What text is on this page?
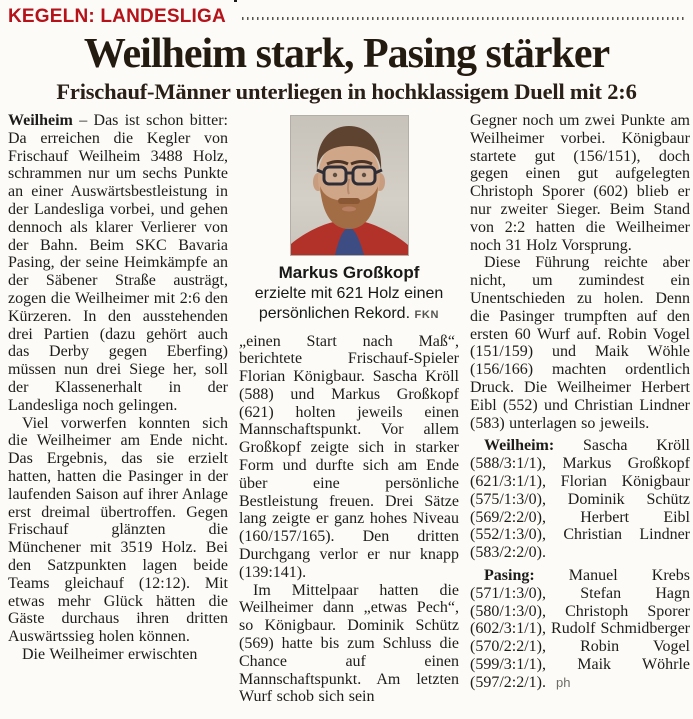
KEGELN: LANDESLIGA
Weilheim stark, Pasing stärker
Frischauf-Männer unterliegen in hochklassigem Duell mit 2:6

Weilheim – Das ist schon bitter: Da erreichen die Kegler von Frischauf Weilheim 3488 Holz, schrammen nur um sechs Punkte an einer Auswärtsbestleistung in der Landesliga vorbei, und gehen dennoch als klarer Verlierer von der Bahn. Beim SKC Bavaria Pasing, der seine Heimkämpfe an der Säbener Straße austrägt, zogen die Weilheimer mit 2:6 den Kürzeren. In den ausstehenden drei Partien (dazu gehört auch das Derby gegen Eberfing) müssen nun drei Siege her, soll der Klassenerhalt in der Landesliga noch gelingen.

Viel vorwerfen konnten sich die Weilheimer am Ende nicht. Das Ergebnis, das sie erzielt hatten, hatten die Pasinger in der laufenden Saison auf ihrer Anlage erst dreimal übertroffen. Gegen Frischauf glänzten die Münchener mit 3519 Holz. Bei den Satzpunkten lagen beide Teams gleichauf (12:12). Mit etwas mehr Glück hätten die Gäste durchaus ihren dritten Auswärtssieg holen können.

Die Weilheimer erwischten

Markus Großkopf
erzielte mit 621 Holz einen persönlichen Rekord. FKN

„einen Start nach Maß“, berichtete Frischauf-Spieler Florian Königbaur. Sascha Kröll (588) und Markus Großkopf (621) holten jeweils einen Mannschaftspunkt. Vor allem Großkopf zeigte sich in starker Form und durfte sich am Ende über eine persönliche Bestleistung freuen. Drei Sätze lang zeigte er ganz hohes Niveau (160/157/165). Den dritten Durchgang verlor er nur knapp (139:141).

Im Mittelpaar hatten die Weilheimer dann „etwas Pech“, so Königbaur. Dominik Schütz (569) hatte bis zum Schluss die Chance auf einen Mannschaftspunkt. Am letzten Wurf schob sich sein

Gegner noch um zwei Punkte am Weilheimer vorbei. Königbaur startete gut (156/151), doch gegen einen gut aufgelegten Christoph Sporer (602) blieb er nur zweiter Sieger. Beim Stand von 2:2 hatten die Weilheimer noch 31 Holz Vorsprung.

Diese Führung reichte aber nicht, um zumindest ein Unentschieden zu holen. Denn die Pasinger trumpften auf den ersten 60 Wurf auf. Robin Vogel (151/159) und Maik Wöhle (156/166) machten ordentlich Druck. Die Weilheimer Herbert Eibl (552) und Christian Lindner (583) unterlagen so jeweils.

Weilheim: Sascha Kröll (588/3:1/1), Markus Großkopf (621/3:1/1), Florian Königbaur (575/1:3/0), Dominik Schütz (569/2:2/0), Herbert Eibl (552/1:3/0), Christian Lindner (583/2:2/0).

Pasing: Manuel Krebs (571/1:3/0), Stefan Hagn (580/1:3/0), Christoph Sporer (602/3:1/1), Rudolf Schmidberger (570/2:2/1), Robin Vogel (599/3:1/1), Maik Wöhrle (597/2:2/1). ph
